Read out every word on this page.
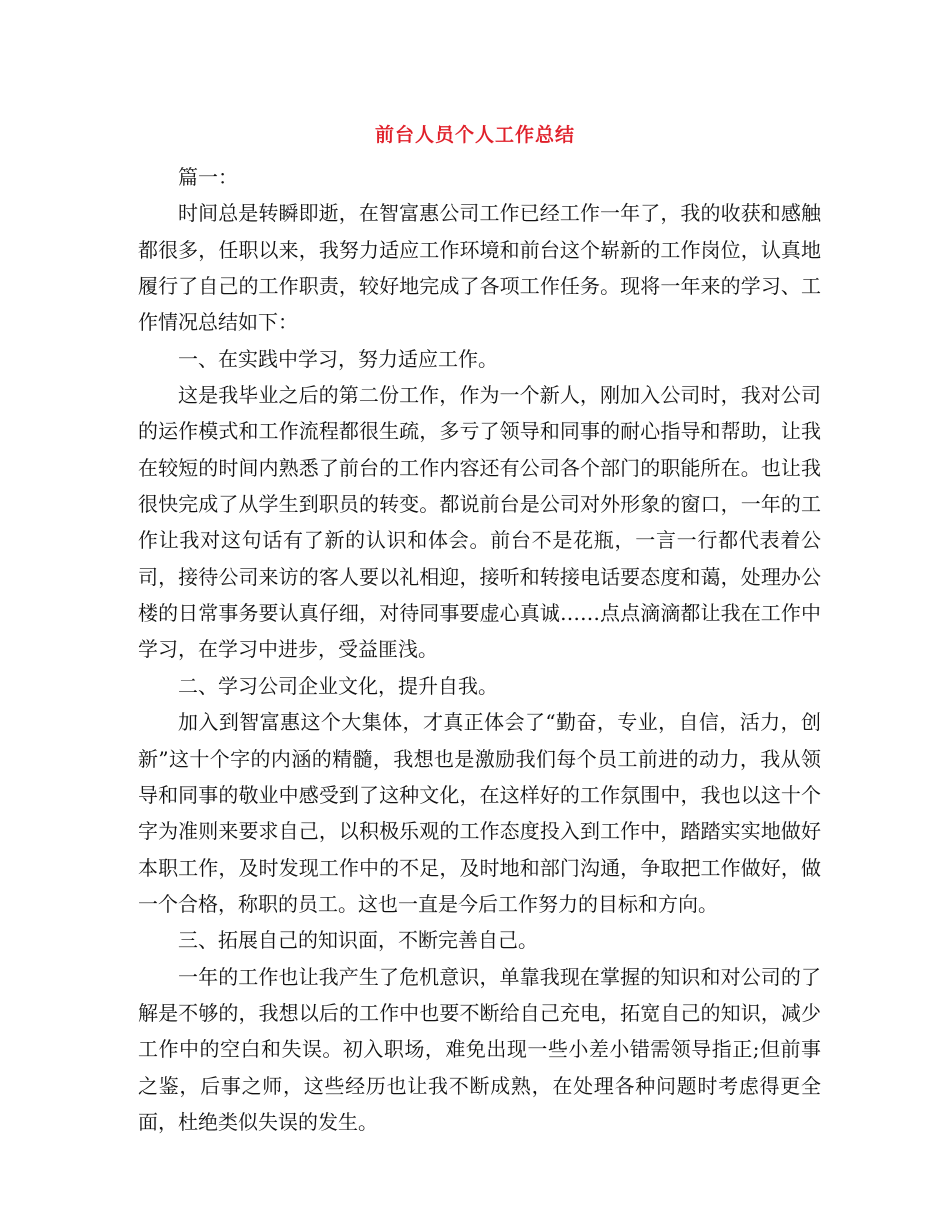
前台人员个人工作总结

篇一：

时间总是转瞬即逝，在智富惠公司工作已经工作一年了，我的收获和感触都很多，任职以来，我努力适应工作环境和前台这个崭新的工作岗位，认真地履行了自己的工作职责，较好地完成了各项工作任务。现将一年来的学习、工作情况总结如下：

一、在实践中学习，努力适应工作。

这是我毕业之后的第二份工作，作为一个新人，刚加入公司时，我对公司的运作模式和工作流程都很生疏，多亏了领导和同事的耐心指导和帮助，让我在较短的时间内熟悉了前台的工作内容还有公司各个部门的职能所在。也让我很快完成了从学生到职员的转变。都说前台是公司对外形象的窗口，一年的工作让我对这句话有了新的认识和体会。前台不是花瓶，一言一行都代表着公司，接待公司来访的客人要以礼相迎，接听和转接电话要态度和蔼，处理办公楼的日常事务要认真仔细，对待同事要虚心真诚……点点滴滴都让我在工作中学习，在学习中进步，受益匪浅。

二、学习公司企业文化，提升自我。

加入到智富惠这个大集体，才真正体会了“勤奋，专业，自信，活力，创新”这十个字的内涵的精髓，我想也是激励我们每个员工前进的动力，我从领导和同事的敬业中感受到了这种文化，在这样好的工作氛围中，我也以这十个字为准则来要求自己，以积极乐观的工作态度投入到工作中，踏踏实实地做好本职工作，及时发现工作中的不足，及时地和部门沟通，争取把工作做好，做一个合格，称职的员工。这也一直是今后工作努力的目标和方向。

三、拓展自己的知识面，不断完善自己。

一年的工作也让我产生了危机意识，单靠我现在掌握的知识和对公司的了解是不够的，我想以后的工作中也要不断给自己充电，拓宽自己的知识，减少工作中的空白和失误。初入职场，难免出现一些小差小错需领导指正;但前事之鉴，后事之师，这些经历也让我不断成熟，在处理各种问题时考虑得更全面，杜绝类似失误的发生。
